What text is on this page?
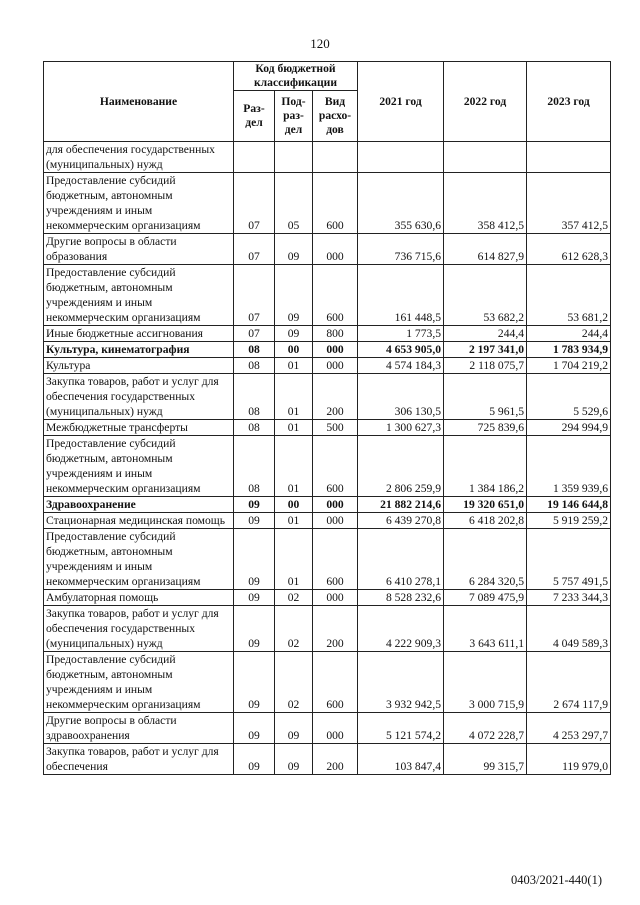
120
Наименование	Код бюджетной классификации			2021 год	2022 год	2023 год
	Раз-дел	Под-раз-дел	Вид расхо-дов			
для обеспечения государственных (муниципальных) нужд						
Предоставление субсидий бюджетным, автономным учреждениям и иным некоммерческим организациям	07	05	600	355 630,6	358 412,5	357 412,5
Другие вопросы в области образования	07	09	000	736 715,6	614 827,9	612 628,3
Предоставление субсидий бюджетным, автономным учреждениям и иным некоммерческим организациям	07	09	600	161 448,5	53 682,2	53 681,2
Иные бюджетные ассигнования	07	09	800	1 773,5	244,4	244,4
Культура, кинематография	08	00	000	4 653 905,0	2 197 341,0	1 783 934,9
Культура	08	01	000	4 574 184,3	2 118 075,7	1 704 219,2
Закупка товаров, работ и услуг для обеспечения государственных (муниципальных) нужд	08	01	200	306 130,5	5 961,5	5 529,6
Межбюджетные трансферты	08	01	500	1 300 627,3	725 839,6	294 994,9
Предоставление субсидий бюджетным, автономным учреждениям и иным некоммерческим организациям	08	01	600	2 806 259,9	1 384 186,2	1 359 939,6
Здравоохранение	09	00	000	21 882 214,6	19 320 651,0	19 146 644,8
Стационарная медицинская помощь	09	01	000	6 439 270,8	6 418 202,8	5 919 259,2
Предоставление субсидий бюджетным, автономным учреждениям и иным некоммерческим организациям	09	01	600	6 410 278,1	6 284 320,5	5 757 491,5
Амбулаторная помощь	09	02	000	8 528 232,6	7 089 475,9	7 233 344,3
Закупка товаров, работ и услуг для обеспечения государственных (муниципальных) нужд	09	02	200	4 222 909,3	3 643 611,1	4 049 589,3
Предоставление субсидий бюджетным, автономным учреждениям и иным некоммерческим организациям	09	02	600	3 932 942,5	3 000 715,9	2 674 117,9
Другие вопросы в области здравоохранения	09	09	000	5 121 574,2	4 072 228,7	4 253 297,7
Закупка товаров, работ и услуг для обеспечения	09	09	200	103 847,4	99 315,7	119 979,0
0403/2021-440(1)
